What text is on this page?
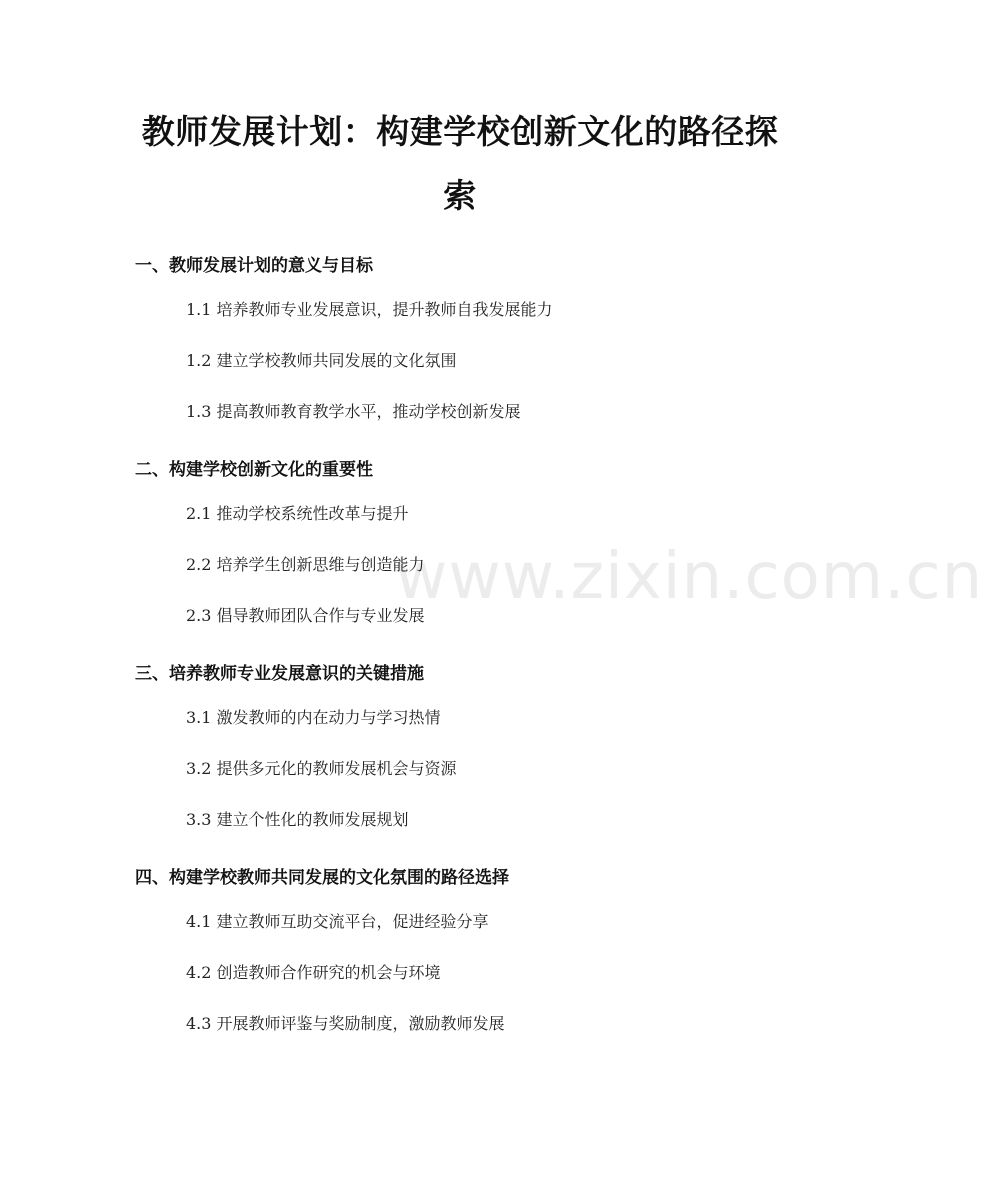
教师发展计划：构建学校创新文化的路径探索
www.zixin.com.cn
一、教师发展计划的意义与目标
1.1 培养教师专业发展意识，提升教师自我发展能力
1.2 建立学校教师共同发展的文化氛围
1.3 提高教师教育教学水平，推动学校创新发展
二、构建学校创新文化的重要性
2.1 推动学校系统性改革与提升
2.2 培养学生创新思维与创造能力
2.3 倡导教师团队合作与专业发展
三、培养教师专业发展意识的关键措施
3.1 激发教师的内在动力与学习热情
3.2 提供多元化的教师发展机会与资源
3.3 建立个性化的教师发展规划
四、构建学校教师共同发展的文化氛围的路径选择
4.1 建立教师互助交流平台，促进经验分享
4.2 创造教师合作研究的机会与环境
4.3 开展教师评鉴与奖励制度，激励教师发展
